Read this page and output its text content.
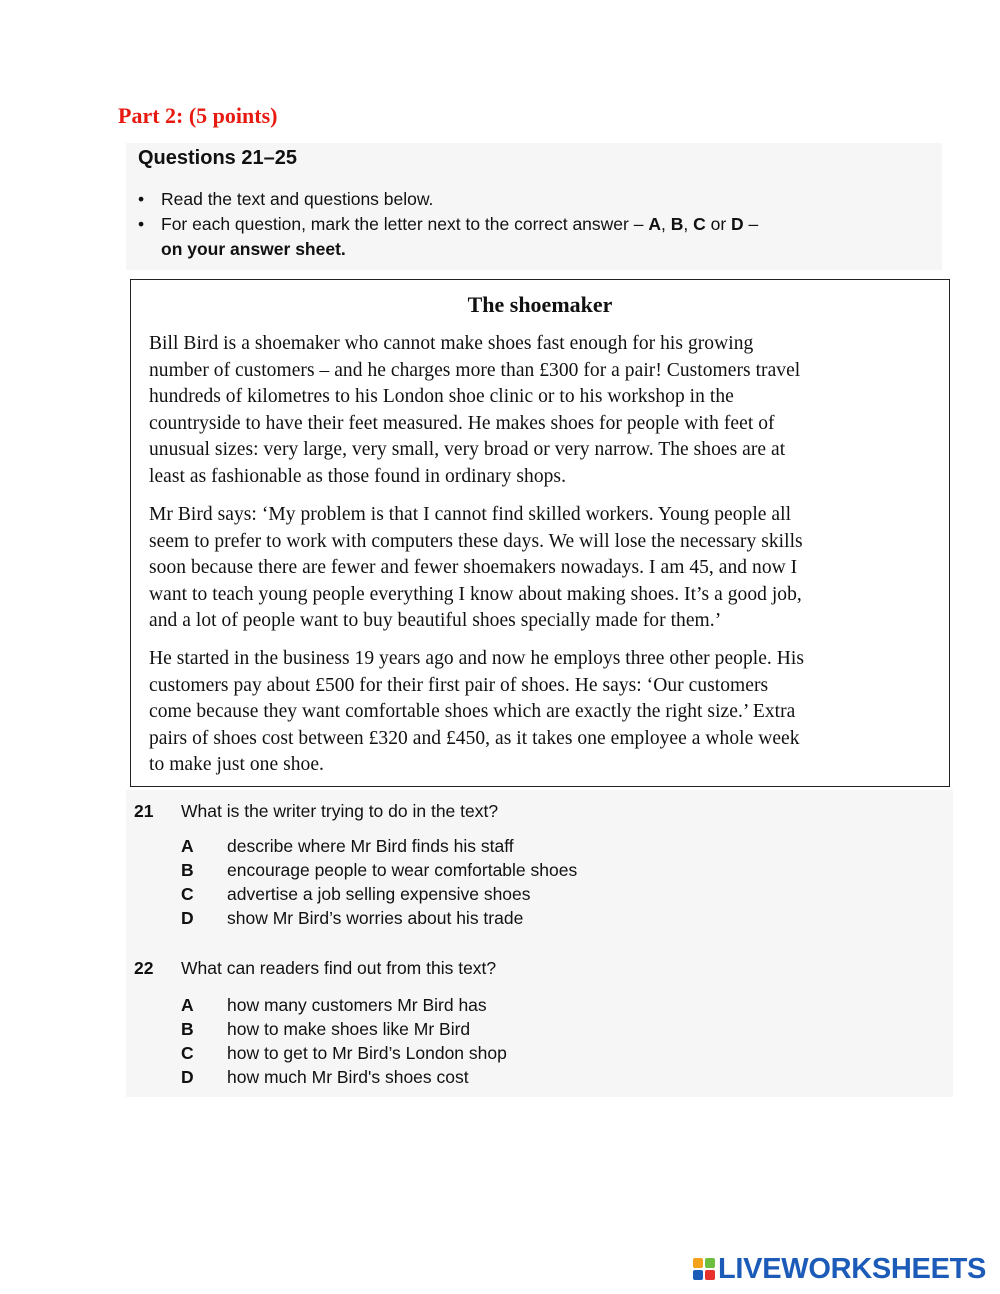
Part 2: (5 points)
Questions 21–25
• Read the text and questions below.
• For each question, mark the letter next to the correct answer – A, B, C or D –
on your answer sheet.
The shoemaker
Bill Bird is a shoemaker who cannot make shoes fast enough for his growing
number of customers – and he charges more than £300 for a pair! Customers travel
hundreds of kilometres to his London shoe clinic or to his workshop in the
countryside to have their feet measured. He makes shoes for people with feet of
unusual sizes: very large, very small, very broad or very narrow. The shoes are at
least as fashionable as those found in ordinary shops.
Mr Bird says: ‘My problem is that I cannot find skilled workers. Young people all
seem to prefer to work with computers these days. We will lose the necessary skills
soon because there are fewer and fewer shoemakers nowadays. I am 45, and now I
want to teach young people everything I know about making shoes. It’s a good job,
and a lot of people want to buy beautiful shoes specially made for them.’
He started in the business 19 years ago and now he employs three other people. His
customers pay about £500 for their first pair of shoes. He says: ‘Our customers
come because they want comfortable shoes which are exactly the right size.’ Extra
pairs of shoes cost between £320 and £450, as it takes one employee a whole week
to make just one shoe.
21 What is the writer trying to do in the text?
A describe where Mr Bird finds his staff
B encourage people to wear comfortable shoes
C advertise a job selling expensive shoes
D show Mr Bird’s worries about his trade
22 What can readers find out from this text?
A how many customers Mr Bird has
B how to make shoes like Mr Bird
C how to get to Mr Bird’s London shop
D how much Mr Bird's shoes cost
LIVEWORKSHEETS
